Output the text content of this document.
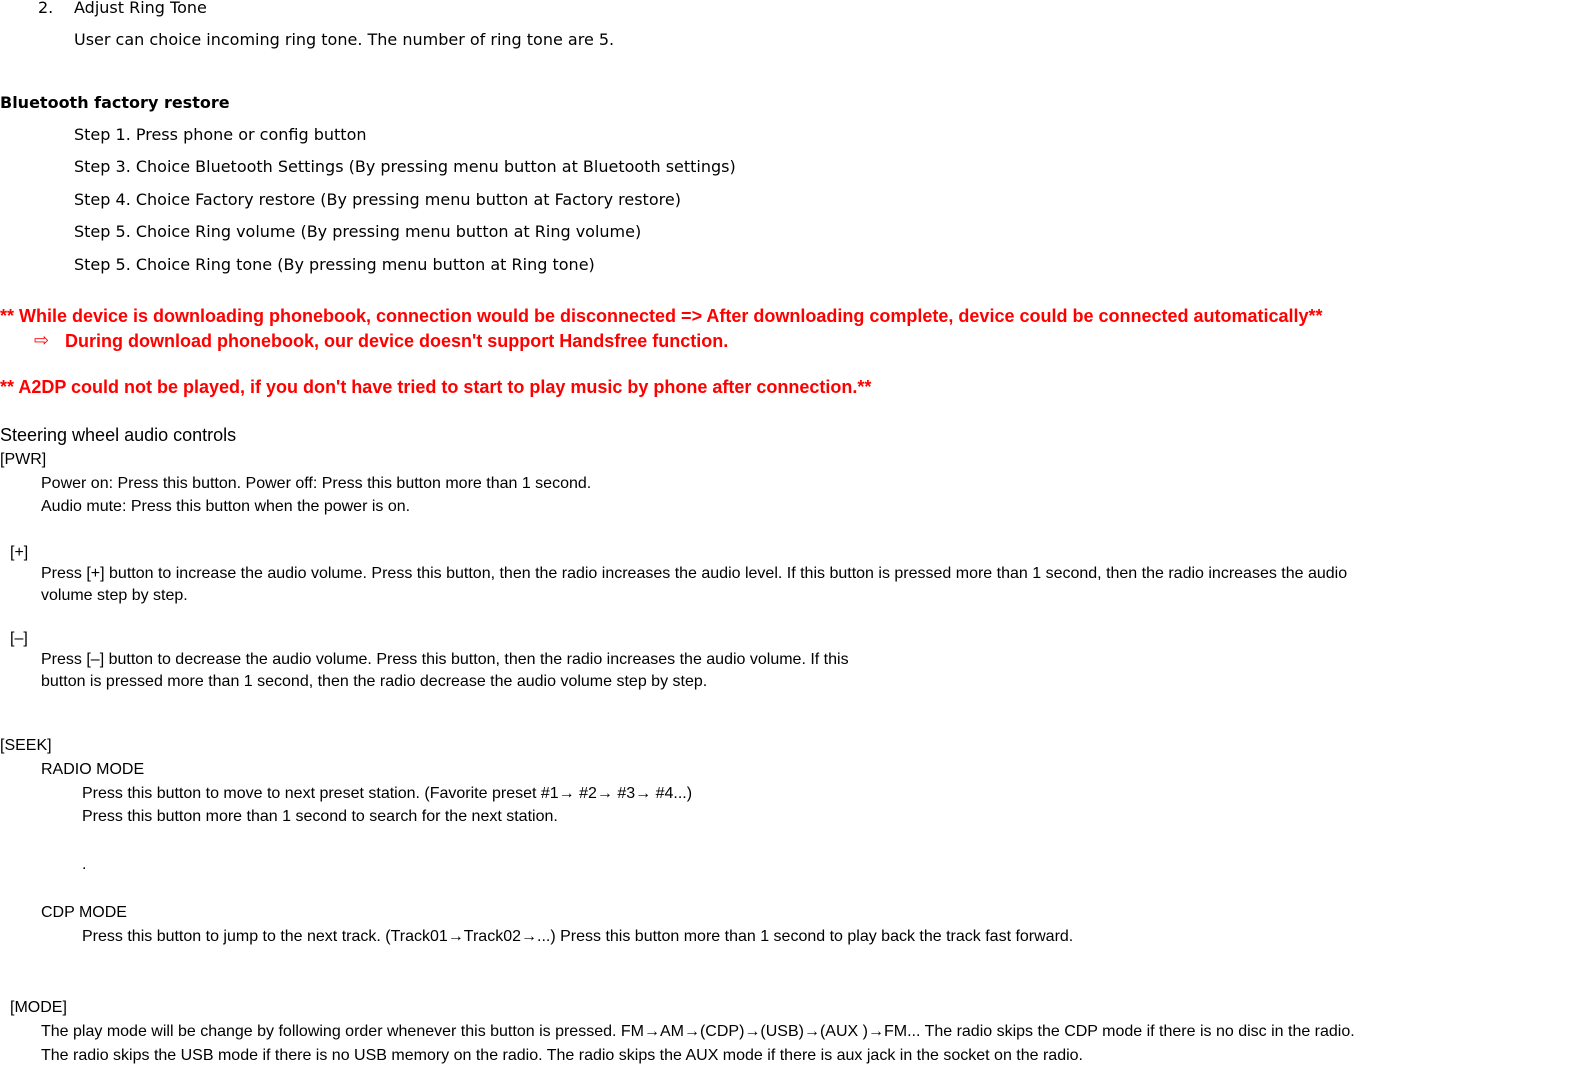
2. Adjust Ring Tone
User can choice incoming ring tone. The number of ring tone are 5.
Bluetooth factory restore
Step 1. Press phone or config button
Step 3. Choice Bluetooth Settings (By pressing menu button at Bluetooth settings)
Step 4. Choice Factory restore (By pressing menu button at Factory restore)
Step 5. Choice Ring volume (By pressing menu button at Ring volume)
Step 5. Choice Ring tone (By pressing menu button at Ring tone)
** While device is downloading phonebook, connection would be disconnected => After downloading complete, device could be connected automatically**
⇨ During download phonebook, our device doesn't support Handsfree function.
** A2DP could not be played, if you don't have tried to start to play music by phone after connection.**
Steering wheel audio controls
[PWR]
Power on: Press this button. Power off: Press this button more than 1 second.
Audio mute: Press this button when the power is on.
[+]
Press [+] button to increase the audio volume. Press this button, then the radio increases the audio level. If this button is pressed more than 1 second, then the radio increases the audio
volume step by step.
[–]
Press [–] button to decrease the audio volume. Press this button, then the radio increases the audio volume. If this
button is pressed more than 1 second, then the radio decrease the audio volume step by step.
[SEEK]
RADIO MODE
Press this button to move to next preset station. (Favorite preset #1→ #2→ #3→ #4...)
Press this button more than 1 second to search for the next station.
.
CDP MODE
Press this button to jump to the next track. (Track01→Track02→...) Press this button more than 1 second to play back the track fast forward.
[MODE]
The play mode will be change by following order whenever this button is pressed. FM→AM→(CDP)→(USB)→(AUX )→FM... The radio skips the CDP mode if there is no disc in the radio.
The radio skips the USB mode if there is no USB memory on the radio. The radio skips the AUX mode if there is aux jack in the socket on the radio.
